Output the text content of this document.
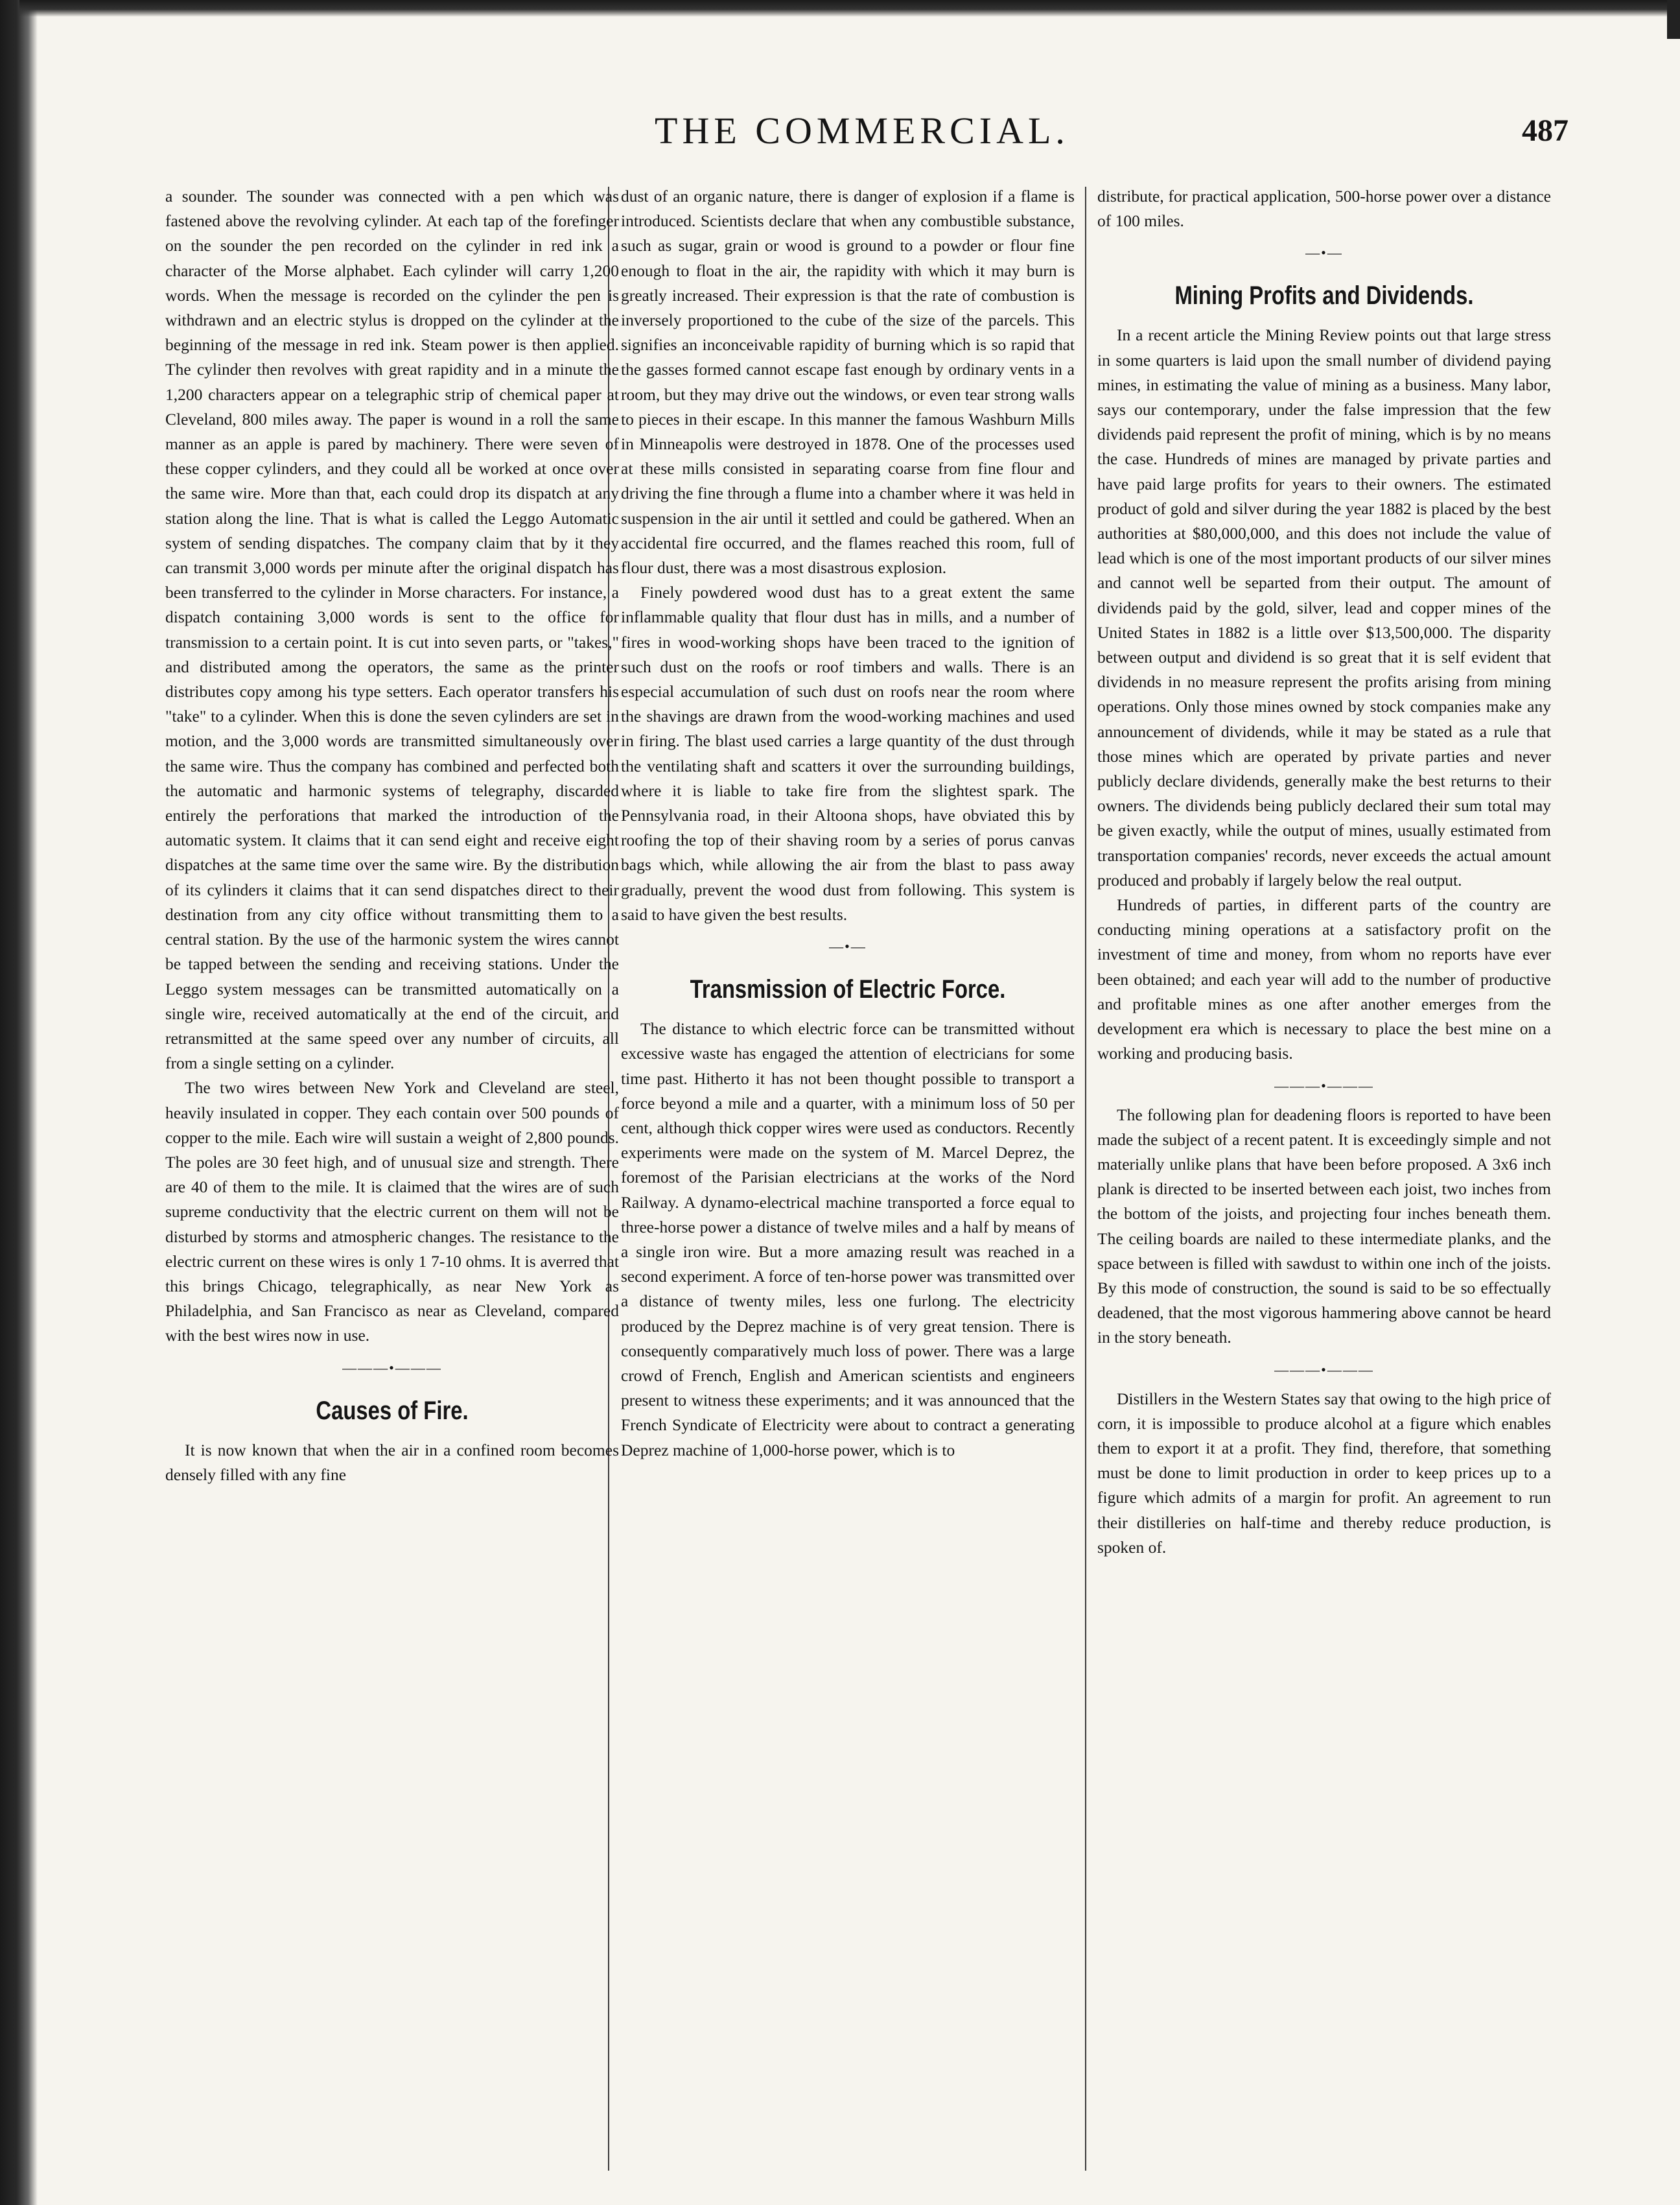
THE COMMERCIAL.	487

a sounder. The sounder was connected with a pen which was fastened above the revolving cylinder. At each tap of the forefinger on the sounder the pen recorded on the cylinder in red ink a character of the Morse alphabet. Each cylinder will carry 1,200 words. When the message is recorded on the cylinder the pen is withdrawn and an electric stylus is dropped on the cylinder at the beginning of the message in red ink. Steam power is then applied. The cylinder then revolves with great rapidity and in a minute the 1,200 characters appear on a telegraphic strip of chemical paper at Cleveland, 800 miles away. The paper is wound in a roll the same manner as an apple is pared by machinery. There were seven of these copper cylinders, and they could all be worked at once over the same wire. More than that, each could drop its dispatch at any station along the line. That is what is called the Leggo Automatic system of sending dispatches. The company claim that by it they can transmit 3,000 words per minute after the original dispatch has been transferred to the cylinder in Morse characters. For instance, a dispatch containing 3,000 words is sent to the office for transmission to a certain point. It is cut into seven parts, or "takes," and distributed among the operators, the same as the printer distributes copy among his type setters. Each operator transfers his "take" to a cylinder. When this is done the seven cylinders are set in motion, and the 3,000 words are transmitted simultaneously over the same wire. Thus the company has combined and perfected both the automatic and harmonic systems of telegraphy, discarded entirely the perforations that marked the introduction of the automatic system. It claims that it can send eight and receive eight dispatches at the same time over the same wire. By the distribution of its cylinders it claims that it can send dispatches direct to their destination from any city office without transmitting them to a central station. By the use of the harmonic system the wires cannot be tapped between the sending and receiving stations. Under the Leggo system messages can be transmitted automatically on a single wire, received automatically at the end of the circuit, and retransmitted at the same speed over any number of circuits, all from a single setting on a cylinder.

The two wires between New York and Cleveland are steel, heavily insulated in copper. They each contain over 500 pounds of copper to the mile. Each wire will sustain a weight of 2,800 pounds. The poles are 30 feet high, and of unusual size and strength. There are 40 of them to the mile. It is claimed that the wires are of such supreme conductivity that the electric current on them will not be disturbed by storms and atmospheric changes. The resistance to the electric current on these wires is only 1 7-10 ohms. It is averred that this brings Chicago, telegraphically, as near New York as Philadelphia, and San Francisco as near as Cleveland, compared with the best wires now in use.

———•———
Causes of Fire.

It is now known that when the air in a confined room becomes densely filled with any fine

dust of an organic nature, there is danger of explosion if a flame is introduced. Scientists declare that when any combustible substance, such as sugar, grain or wood is ground to a powder or flour fine enough to float in the air, the rapidity with which it may burn is greatly increased. Their expression is that the rate of combustion is inversely proportioned to the cube of the size of the parcels. This signifies an inconceivable rapidity of burning which is so rapid that the gasses formed cannot escape fast enough by ordinary vents in a room, but they may drive out the windows, or even tear strong walls to pieces in their escape. In this manner the famous Washburn Mills in Minneapolis were destroyed in 1878. One of the processes used at these mills consisted in separating coarse from fine flour and driving the fine through a flume into a chamber where it was held in suspension in the air until it settled and could be gathered. When an accidental fire occurred, and the flames reached this room, full of flour dust, there was a most disastrous explosion.

Finely powdered wood dust has to a great extent the same inflammable quality that flour dust has in mills, and a number of fires in wood-working shops have been traced to the ignition of such dust on the roofs or roof timbers and walls. There is an especial accumulation of such dust on roofs near the room where the shavings are drawn from the wood-working machines and used in firing. The blast used carries a large quantity of the dust through the ventilating shaft and scatters it over the surrounding buildings, where it is liable to take fire from the slightest spark. The Pennsylvania road, in their Altoona shops, have obviated this by roofing the top of their shaving room by a series of porus canvas bags which, while allowing the air from the blast to pass away gradually, prevent the wood dust from following. This system is said to have given the best results.

—•—
Transmission of Electric Force.

The distance to which electric force can be transmitted without excessive waste has engaged the attention of electricians for some time past. Hitherto it has not been thought possible to transport a force beyond a mile and a quarter, with a minimum loss of 50 per cent, although thick copper wires were used as conductors. Recently experiments were made on the system of M. Marcel Deprez, the foremost of the Parisian electricians at the works of the Nord Railway. A dynamo-electrical machine transported a force equal to three-horse power a distance of twelve miles and a half by means of a single iron wire. But a more amazing result was reached in a second experiment. A force of ten-horse power was transmitted over a distance of twenty miles, less one furlong. The electricity produced by the Deprez machine is of very great tension. There is consequently comparatively much loss of power. There was a large crowd of French, English and American scientists and engineers present to witness these experiments; and it was announced that the French Syndicate of Electricity were about to contract a generating Deprez machine of 1,000-horse power, which is to

distribute, for practical application, 500-horse power over a distance of 100 miles.

—•—
Mining Profits and Dividends.

In a recent article the Mining Review points out that large stress in some quarters is laid upon the small number of dividend paying mines, in estimating the value of mining as a business. Many labor, says our contemporary, under the false impression that the few dividends paid represent the profit of mining, which is by no means the case. Hundreds of mines are managed by private parties and have paid large profits for years to their owners. The estimated product of gold and silver during the year 1882 is placed by the best authorities at $80,000,000, and this does not include the value of lead which is one of the most important products of our silver mines and cannot well be separted from their output. The amount of dividends paid by the gold, silver, lead and copper mines of the United States in 1882 is a little over $13,500,000. The disparity between output and dividend is so great that it is self evident that dividends in no measure represent the profits arising from mining operations. Only those mines owned by stock companies make any announcement of dividends, while it may be stated as a rule that those mines which are operated by private parties and never publicly declare dividends, generally make the best returns to their owners. The dividends being publicly declared their sum total may be given exactly, while the output of mines, usually estimated from transportation companies' records, never exceeds the actual amount produced and probably if largely below the real output.

Hundreds of parties, in different parts of the country are conducting mining operations at a satisfactory profit on the investment of time and money, from whom no reports have ever been obtained; and each year will add to the number of productive and profitable mines as one after another emerges from the development era which is necessary to place the best mine on a working and producing basis.

———•———

The following plan for deadening floors is reported to have been made the subject of a recent patent. It is exceedingly simple and not materially unlike plans that have been before proposed. A 3x6 inch plank is directed to be inserted between each joist, two inches from the bottom of the joists, and projecting four inches beneath them. The ceiling boards are nailed to these intermediate planks, and the space between is filled with sawdust to within one inch of the joists. By this mode of construction, the sound is said to be so effectually deadened, that the most vigorous hammering above cannot be heard in the story beneath.

———•———

Distillers in the Western States say that owing to the high price of corn, it is impossible to produce alcohol at a figure which enables them to export it at a profit. They find, therefore, that something must be done to limit production in order to keep prices up to a figure which admits of a margin for profit. An agreement to run their distilleries on half-time and thereby reduce production, is spoken of.
